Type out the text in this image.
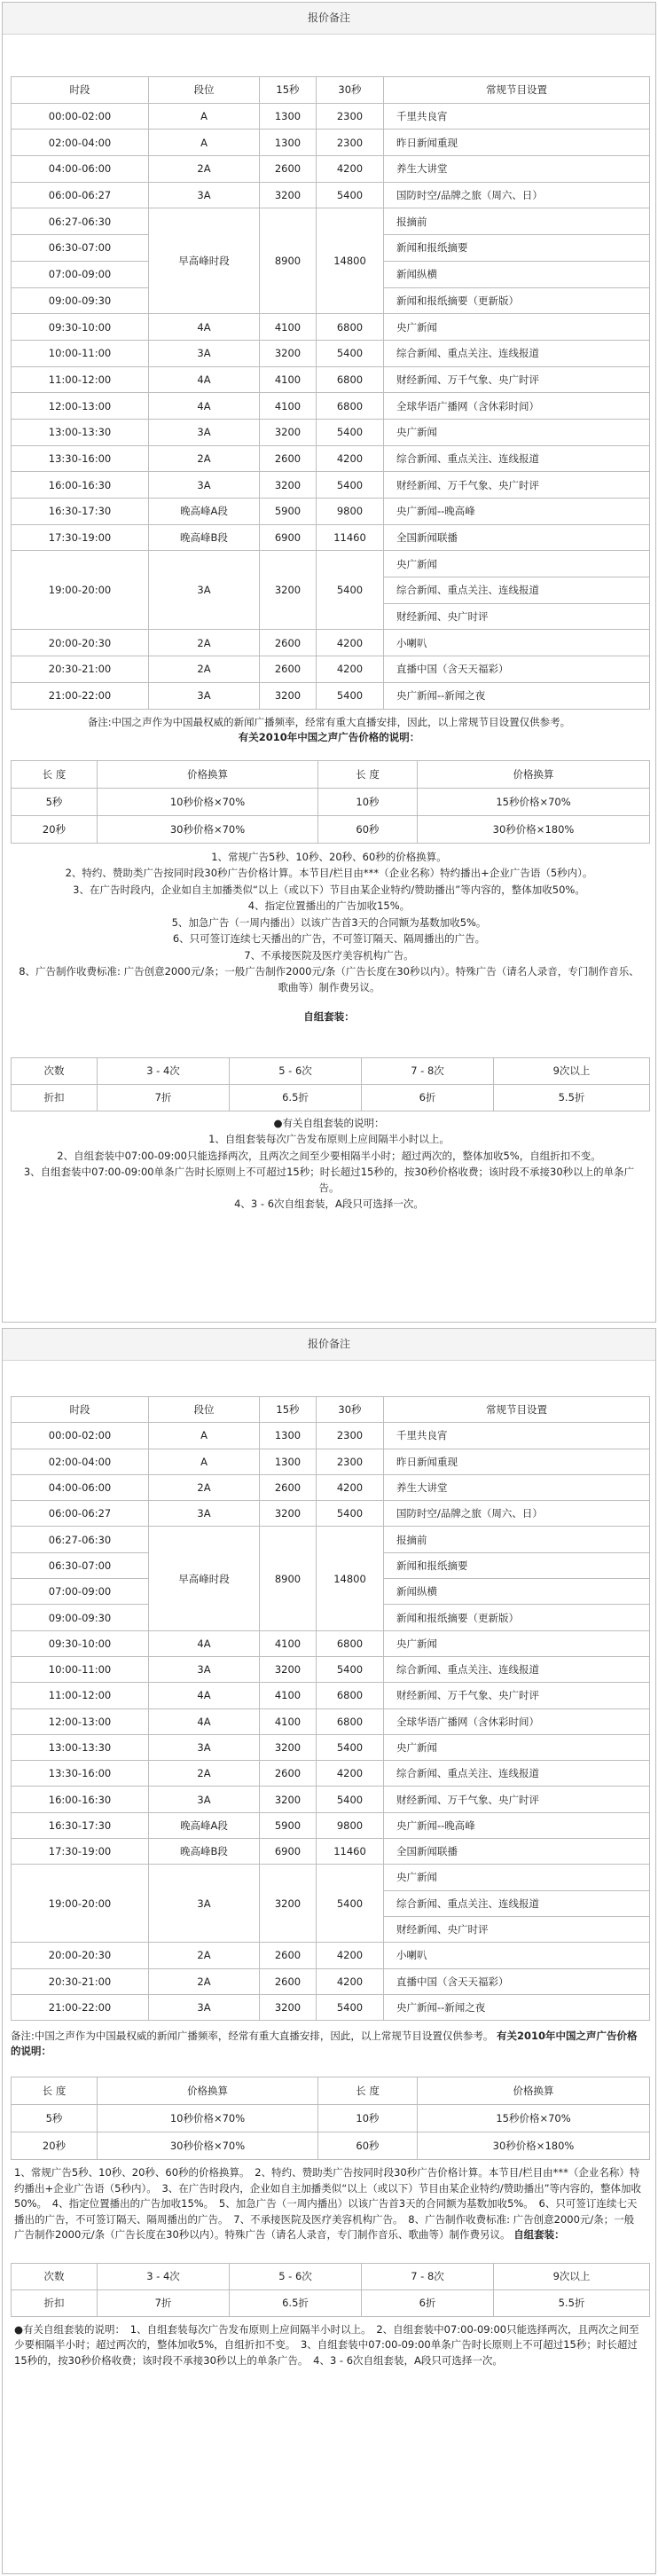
报价备注
时段	段位	15秒	30秒	常规节目设置
00:00-02:00	A	1300	2300	千里共良宵
02:00-04:00	A	1300	2300	昨日新闻重现
04:00-06:00	2A	2600	4200	养生大讲堂
06:00-06:27	3A	3200	5400	国防时空/品牌之旅（周六、日）
06:27-06:30	早高峰时段	8900	14800	报摘前
06:30-07:00				新闻和报纸摘要
07:00-09:00				新闻纵横
09:00-09:30				新闻和报纸摘要（更新版）
09:30-10:00	4A	4100	6800	央广新闻
10:00-11:00	3A	3200	5400	综合新闻、重点关注、连线报道
11:00-12:00	4A	4100	6800	财经新闻、万千气象、央广时评
12:00-13:00	4A	4100	6800	全球华语广播网（含休彩时间）
13:00-13:30	3A	3200	5400	央广新闻
13:30-16:00	2A	2600	4200	综合新闻、重点关注、连线报道
16:00-16:30	3A	3200	5400	财经新闻、万千气象、央广时评
16:30-17:30	晚高峰A段	5900	9800	央广新闻--晚高峰
17:30-19:00	晚高峰B段	6900	11460	全国新闻联播
19:00-20:00	3A	3200	5400	央广新闻
				综合新闻、重点关注、连线报道
				财经新闻、央广时评
20:00-20:30	2A	2600	4200	小喇叭
20:30-21:00	2A	2600	4200	直播中国（含天天福彩）
21:00-22:00	3A	3200	5400	央广新闻--新闻之夜
备注:中国之声作为中国最权威的新闻广播频率，经常有重大直播安排，因此，以上常规节目设置仅供参考。
有关2010年中国之声广告价格的说明：
长 度	价格换算	长 度	价格换算
5秒	10秒价格×70%	10秒	15秒价格×70%
20秒	30秒价格×70%	60秒	30秒价格×180%

1、常规广告5秒、10秒、20秒、60秒的价格换算。

2、特约、赞助类广告按同时段30秒广告价格计算。本节目/栏目由***（企业名称）特约播出+企业广告语（5秒内）。

3、在广告时段内，企业如自主加播类似“以上（或以下）节目由某企业特约/赞助播出”等内容的，整体加收50%。

4、指定位置播出的广告加收15%。

5、加急广告（一周内播出）以该广告首3天的合同额为基数加收5%。

6、只可签订连续七天播出的广告，不可签订隔天、隔周播出的广告。

7、不承接医院及医疗美容机构广告。

8、广告制作收费标准: 广告创意2000元/条；一般广告制作2000元/条（广告长度在30秒以内）。特殊广告（请名人录音，专门制作音乐、歌曲等）制作费另议。

自组套装：

次数	3 - 4次	5 - 6次	7 - 8次	9次以上
折扣	7折	6.5折	6折	5.5折

●有关自组套装的说明：

1、自组套装每次广告发布原则上应间隔半小时以上。

2、自组套装中07:00-09:00只能选择两次，且两次之间至少要相隔半小时；超过两次的，整体加收5%，自组折扣不变。

3、自组套装中07:00-09:00单条广告时长原则上不可超过15秒；时长超过15秒的，按30秒价格收费；该时段不承接30秒以上的单条广告。

4、3 - 6次自组套装，A段只可选择一次。

报价备注
时段	段位	15秒	30秒	常规节目设置
00:00-02:00	A	1300	2300	千里共良宵
02:00-04:00	A	1300	2300	昨日新闻重现
04:00-06:00	2A	2600	4200	养生大讲堂
06:00-06:27	3A	3200	5400	国防时空/品牌之旅（周六、日）
06:27-06:30	早高峰时段	8900	14800	报摘前
06:30-07:00				新闻和报纸摘要
07:00-09:00				新闻纵横
09:00-09:30				新闻和报纸摘要（更新版）
09:30-10:00	4A	4100	6800	央广新闻
10:00-11:00	3A	3200	5400	综合新闻、重点关注、连线报道
11:00-12:00	4A	4100	6800	财经新闻、万千气象、央广时评
12:00-13:00	4A	4100	6800	全球华语广播网（含休彩时间）
13:00-13:30	3A	3200	5400	央广新闻
13:30-16:00	2A	2600	4200	综合新闻、重点关注、连线报道
16:00-16:30	3A	3200	5400	财经新闻、万千气象、央广时评
16:30-17:30	晚高峰A段	5900	9800	央广新闻--晚高峰
17:30-19:00	晚高峰B段	6900	11460	全国新闻联播
19:00-20:00	3A	3200	5400	央广新闻
				综合新闻、重点关注、连线报道
				财经新闻、央广时评
20:00-20:30	2A	2600	4200	小喇叭
20:30-21:00	2A	2600	4200	直播中国（含天天福彩）
21:00-22:00	3A	3200	5400	央广新闻--新闻之夜
备注:中国之声作为中国最权威的新闻广播频率，经常有重大直播安排，因此，以上常规节目设置仅供参考。 有关2010年中国之声广告价格的说明：
长 度	价格换算	长 度	价格换算
5秒	10秒价格×70%	10秒	15秒价格×70%
20秒	30秒价格×70%	60秒	30秒价格×180%
1、常规广告5秒、10秒、20秒、60秒的价格换算。　2、特约、赞助类广告按同时段30秒广告价格计算。本节目/栏目由***（企业名称）特约播出+企业广告语（5秒内）。　3、在广告时段内，企业如自主加播类似“以上（或以下）节目由某企业特约/赞助播出”等内容的，整体加收50%。　4、指定位置播出的广告加收15%。　5、加急广告（一周内播出）以该广告首3天的合同额为基数加收5%。　6、只可签订连续七天播出的广告，不可签订隔天、隔周播出的广告。　7、不承接医院及医疗美容机构广告。　8、广告制作收费标准: 广告创意2000元/条；一般广告制作2000元/条（广告长度在30秒以内）。特殊广告（请名人录音，专门制作音乐、歌曲等）制作费另议。 自组套装：
次数	3 - 4次	5 - 6次	7 - 8次	9次以上
折扣	7折	6.5折	6折	5.5折
●有关自组套装的说明：　1、自组套装每次广告发布原则上应间隔半小时以上。　2、自组套装中07:00-09:00只能选择两次，且两次之间至少要相隔半小时；超过两次的，整体加收5%，自组折扣不变。　3、自组套装中07:00-09:00单条广告时长原则上不可超过15秒；时长超过15秒的，按30秒价格收费；该时段不承接30秒以上的单条广告。　4、3 - 6次自组套装，A段只可选择一次。
